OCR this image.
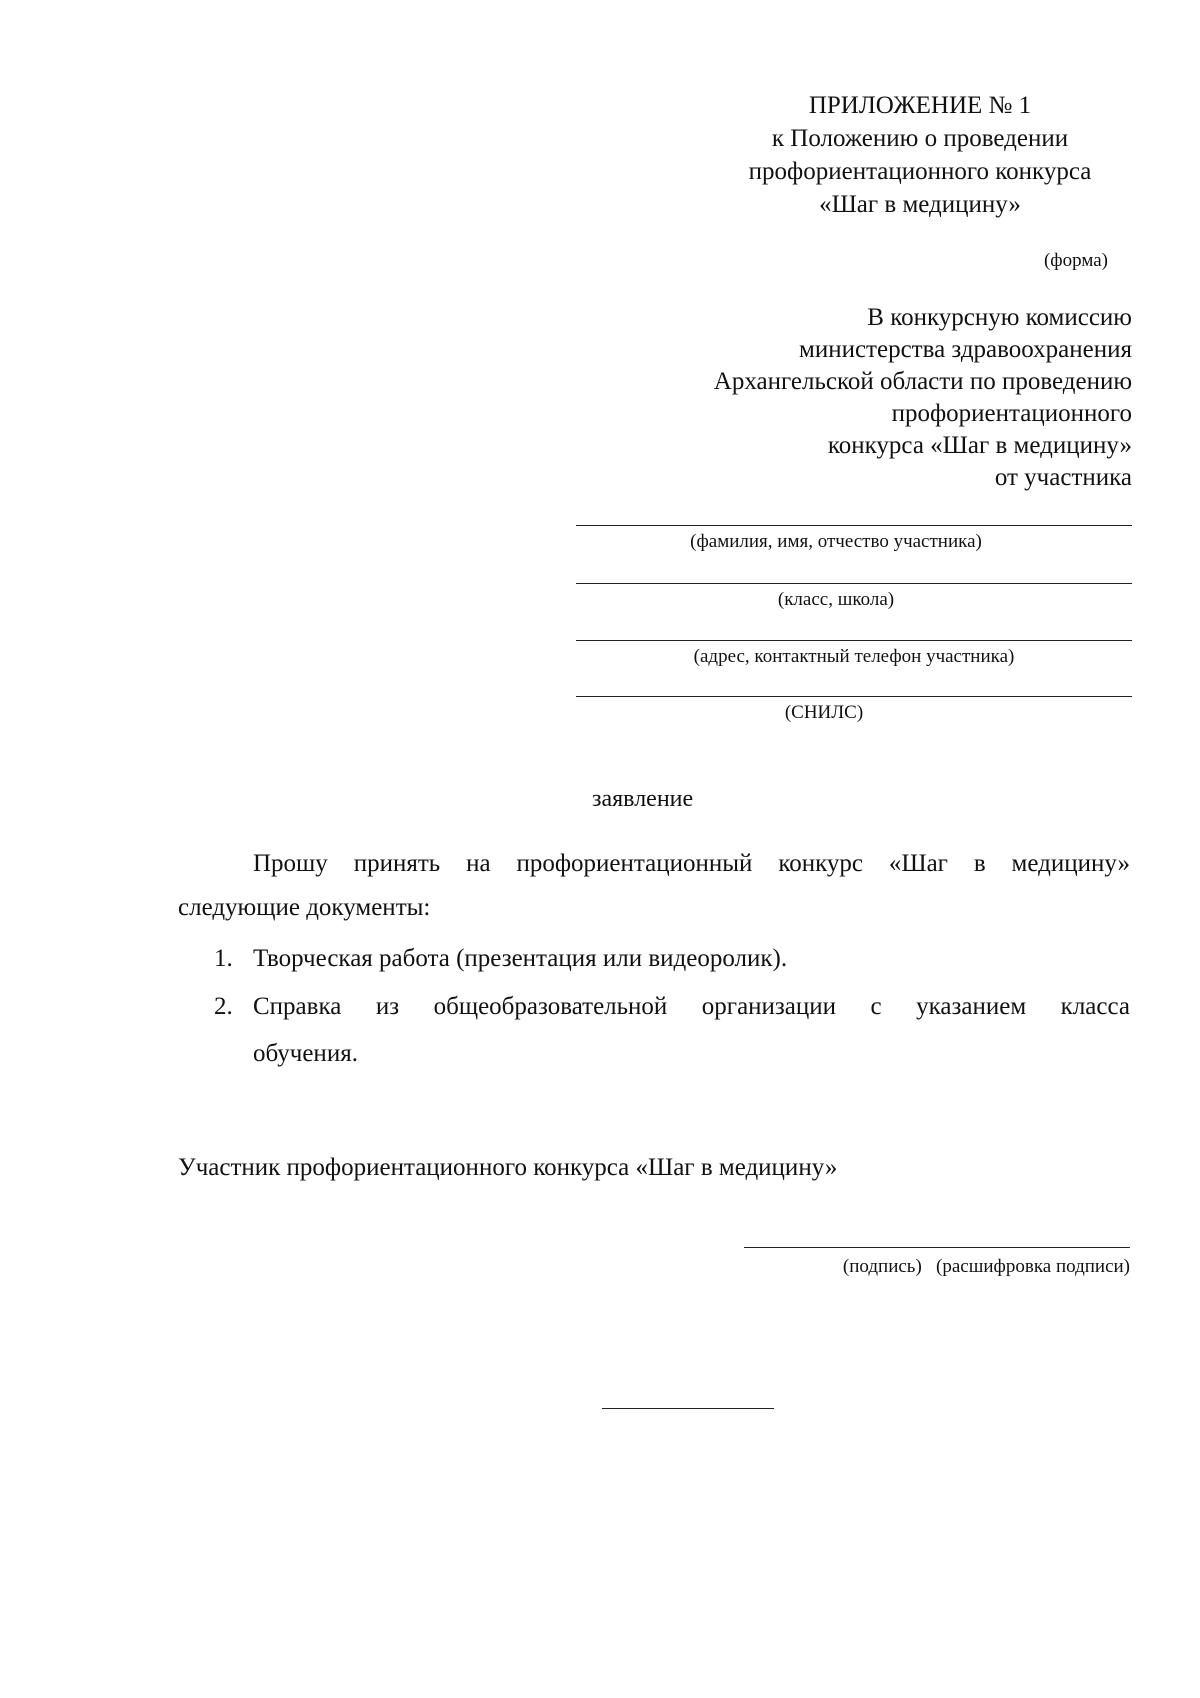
ПРИЛОЖЕНИЕ № 1
к Положению о проведении
профориентационного конкурса
«Шаг в медицину»
(форма)
В конкурсную комиссию
министерства здравоохранения
Архангельской области по проведению
профориентационного
конкурса «Шаг в медицину»
от участника
(фамилия, имя, отчество участника)
(класс, школа)
(адрес, контактный телефон участника)
(СНИЛС)
заявление
Прошу принять на профориентационный конкурс «Шаг в медицину»
следующие документы:
1. Творческая работа (презентация или видеоролик).
2. Справка из общеобразовательной организации с указанием класса
обучения.
Участник профориентационного конкурса «Шаг в медицину»
(подпись)   (расшифровка подписи)
